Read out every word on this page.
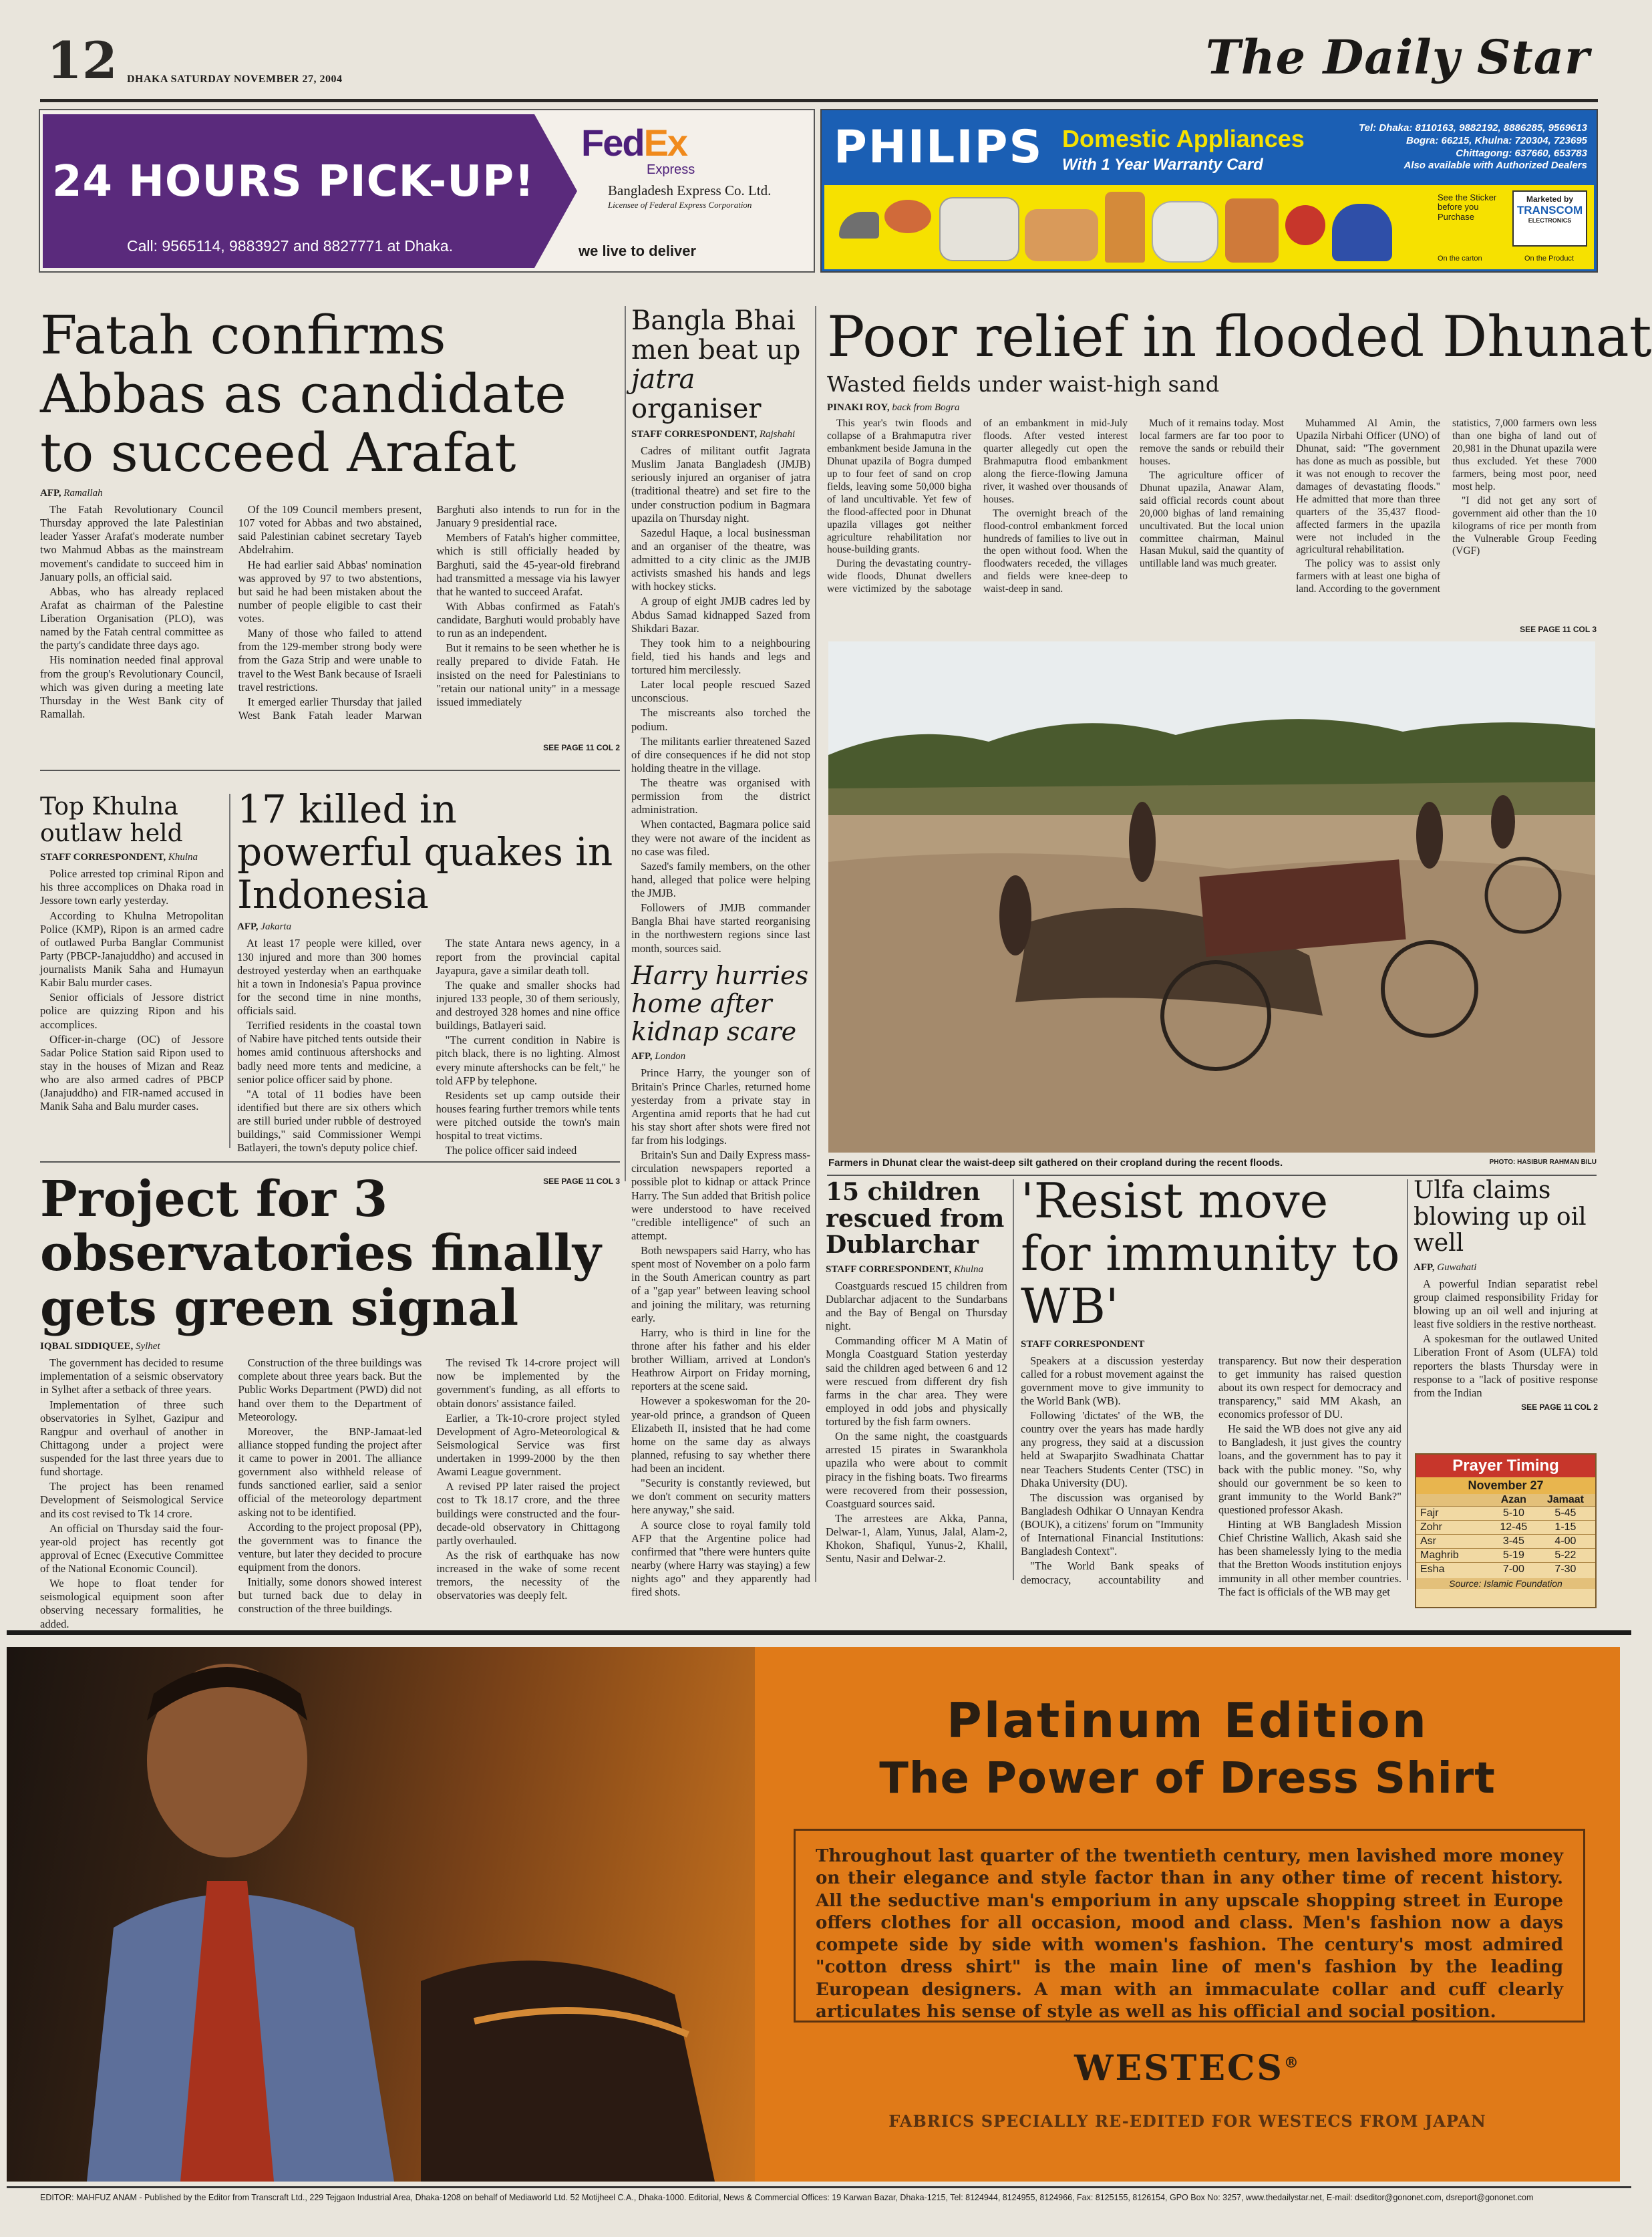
12 DHAKA SATURDAY NOVEMBER 27, 2004	The Daily Star
24 HOURS PICK-UP!
Call: 9565114, 9883927 and 8827771 at Dhaka.
FedEx
Express
Bangladesh Express Co. Ltd.
Licensee of Federal Express Corporation
we live to deliver
PHILIPS Domestic Appliances
With 1 Year Warranty Card
Tel: Dhaka: 8110163, 9882192, 8886285, 9569613
Bogra: 66215, Khulna: 720304, 723695
Chittagong: 637660, 653783
Also available with Authorized Dealers
See the Sticker before you Purchase
Marketed by
TRANSCOM
ELECTRONICS
On the carton	On the Product
Fatah confirms Abbas as candidate to succeed Arafat
AFP, Ramallah

The Fatah Revolutionary Council Thursday approved the late Palestinian leader Yasser Arafat's moderate number two Mahmud Abbas as the mainstream movement's candidate to succeed him in January polls, an official said.

Abbas, who has already replaced Arafat as chairman of the Palestine Liberation Organisation (PLO), was named by the Fatah central committee as the party's candidate three days ago.

His nomination needed final approval from the group's Revolutionary Council, which was given during a meeting late Thursday in the West Bank city of Ramallah.

Of the 109 Council members present, 107 voted for Abbas and two abstained, said Palestinian cabinet secretary Tayeb Abdelrahim.

He had earlier said Abbas' nomination was approved by 97 to two abstentions, but said he had been mistaken about the number of people eligible to cast their votes.

Many of those who failed to attend from the 129-member strong body were from the Gaza Strip and were unable to travel to the West Bank because of Israeli travel restrictions.

It emerged earlier Thursday that jailed West Bank Fatah leader Marwan Barghuti also intends to run for in the January 9 presidential race.

Members of Fatah's higher committee, which is still officially headed by Barghuti, said the 45-year-old firebrand had transmitted a message via his lawyer that he wanted to succeed Arafat.

With Abbas confirmed as Fatah's candidate, Barghuti would probably have to run as an independent.

But it remains to be seen whether he is really prepared to divide Fatah. He insisted on the need for Palestinians to "retain our national unity" in a message issued immediately

SEE PAGE 11 COL 2
Bangla Bhai men beat up jatra organiser
STAFF CORRESPONDENT, Rajshahi

Cadres of militant outfit Jagrata Muslim Janata Bangladesh (JMJB) seriously injured an organiser of jatra (traditional theatre) and set fire to the under construction podium in Bagmara upazila on Thursday night.

Sazedul Haque, a local businessman and an organiser of the theatre, was admitted to a city clinic as the JMJB activists smashed his hands and legs with hockey sticks.

A group of eight JMJB cadres led by Abdus Samad kidnapped Sazed from Shikdari Bazar.

They took him to a neighbouring field, tied his hands and legs and tortured him mercilessly.

Later local people rescued Sazed unconscious.

The miscreants also torched the podium.

The militants earlier threatened Sazed of dire consequences if he did not stop holding theatre in the village.

The theatre was organised with permission from the district administration.

When contacted, Bagmara police said they were not aware of the incident as no case was filed.

Sazed's family members, on the other hand, alleged that police were helping the JMJB.

Followers of JMJB commander Bangla Bhai have started reorganising in the northwestern regions since last month, sources said.

Harry hurries home after kidnap scare
AFP, London

Prince Harry, the younger son of Britain's Prince Charles, returned home yesterday from a private stay in Argentina amid reports that he had cut his stay short after shots were fired not far from his lodgings.

Britain's Sun and Daily Express mass-circulation newspapers reported a possible plot to kidnap or attack Prince Harry. The Sun added that British police were understood to have received "credible intelligence" of such an attempt.

Both newspapers said Harry, who has spent most of November on a polo farm in the South American country as part of a "gap year" between leaving school and joining the military, was returning early.

Harry, who is third in line for the throne after his father and his elder brother William, arrived at London's Heathrow Airport on Friday morning, reporters at the scene said.

However a spokeswoman for the 20-year-old prince, a grandson of Queen Elizabeth II, insisted that he had come home on the same day as always planned, refusing to say whether there had been an incident.

"Security is constantly reviewed, but we don't comment on security matters here anyway," she said.

A source close to royal family told AFP that the Argentine police had confirmed that "there were hunters quite nearby (where Harry was staying) a few nights ago" and they apparently had fired shots.

Poor relief in flooded Dhunat
Wasted fields under waist-high sand
PINAKI ROY, back from Bogra

This year's twin floods and collapse of a Brahmaputra river embankment beside Jamuna in the Dhunat upazila of Bogra dumped up to four feet of sand on crop fields, leaving some 50,000 bigha of land uncultivable. Yet few of the flood-affected poor in Dhunat upazila villages got neither agriculture rehabilitation nor house-building grants.

During the devastating country-wide floods, Dhunat dwellers were victimized by the sabotage of an embankment in mid-July floods. After vested interest quarter allegedly cut open the Brahmaputra flood embankment along the fierce-flowing Jamuna river, it washed over thousands of houses.

The overnight breach of the flood-control embankment forced hundreds of families to live out in the open without food. When the floodwaters receded, the villages and fields were knee-deep to waist-deep in sand.

Much of it remains today. Most local farmers are far too poor to remove the sands or rebuild their houses.

The agriculture officer of Dhunat upazila, Anawar Alam, said official records count about 20,000 bighas of land remaining uncultivated. But the local union committee chairman, Mainul Hasan Mukul, said the quantity of untillable land was much greater.

Muhammed Al Amin, the Upazila Nirbahi Officer (UNO) of Dhunat, said: "The government has done as much as possible, but it was not enough to recover the damages of devastating floods." He admitted that more than three quarters of the 35,437 flood-affected farmers in the upazila were not included in the agricultural rehabilitation.

The policy was to assist only farmers with at least one bigha of land. According to the government statistics, 7,000 farmers own less than one bigha of land out of 20,981 in the Dhunat upazila were thus excluded. Yet these 7000 farmers, being most poor, need most help.

"I did not get any sort of government aid other than the 10 kilograms of rice per month from the Vulnerable Group Feeding (VGF)

SEE PAGE 11 COL 3
Farmers in Dhunat clear the waist-deep silt gathered on their cropland during the recent floods.	PHOTO: HASIBUR RAHMAN BILU
Top Khulna outlaw held
STAFF CORRESPONDENT, Khulna

Police arrested top criminal Ripon and his three accomplices on Dhaka road in Jessore town early yesterday.

According to Khulna Metropolitan Police (KMP), Ripon is an armed cadre of outlawed Purba Banglar Communist Party (PBCP-Janajuddho) and accused in journalists Manik Saha and Humayun Kabir Balu murder cases.

Senior officials of Jessore district police are quizzing Ripon and his accomplices.

Officer-in-charge (OC) of Jessore Sadar Police Station said Ripon used to stay in the houses of Mizan and Reaz who are also armed cadres of PBCP (Janajuddho) and FIR-named accused in Manik Saha and Balu murder cases.

17 killed in powerful quakes in Indonesia
AFP, Jakarta

At least 17 people were killed, over 130 injured and more than 300 homes destroyed yesterday when an earthquake hit a town in Indonesia's Papua province for the second time in nine months, officials said.

Terrified residents in the coastal town of Nabire have pitched tents outside their homes amid continuous aftershocks and badly need more tents and medicine, a senior police officer said by phone.

"A total of 11 bodies have been identified but there are six others which are still buried under rubble of destroyed buildings," said Commissioner Wempi Batlayeri, the town's deputy police chief.

The state Antara news agency, in a report from the provincial capital Jayapura, gave a similar death toll.

The quake and smaller shocks had injured 133 people, 30 of them seriously, and destroyed 328 homes and nine office buildings, Batlayeri said.

"The current condition in Nabire is pitch black, there is no lighting. Almost every minute aftershocks can be felt," he told AFP by telephone.

Residents set up camp outside their houses fearing further tremors while tents were pitched outside the town's main hospital to treat victims.

The police officer said indeed

SEE PAGE 11 COL 3
Project for 3 observatories finally gets green signal
IQBAL SIDDIQUEE, Sylhet

The government has decided to resume implementation of a seismic observatory in Sylhet after a setback of three years.

Implementation of three such observatories in Sylhet, Gazipur and Rangpur and overhaul of another in Chittagong under a project were suspended for the last three years due to fund shortage.

The project has been renamed Development of Seismological Service and its cost revised to Tk 14 crore.

An official on Thursday said the four-year-old project has recently got approval of Ecnec (Executive Committee of the National Economic Council).

We hope to float tender for seismological equipment soon after observing necessary formalities, he added.

Construction of the three buildings was complete about three years back. But the Public Works Department (PWD) did not hand over them to the Department of Meteorology.

Moreover, the BNP-Jamaat-led alliance stopped funding the project after it came to power in 2001. The alliance government also withheld release of funds sanctioned earlier, said a senior official of the meteorology department asking not to be identified.

According to the project proposal (PP), the government was to finance the venture, but later they decided to procure equipment from the donors.

Initially, some donors showed interest but turned back due to delay in construction of the three buildings.

The revised Tk 14-crore project will now be implemented by the government's funding, as all efforts to obtain donors' assistance failed.

Earlier, a Tk-10-crore project styled Development of Agro-Meteorological & Seismological Service was first undertaken in 1999-2000 by the then Awami League government.

A revised PP later raised the project cost to Tk 18.17 crore, and the three buildings were constructed and the four-decade-old observatory in Chittagong partly overhauled.

As the risk of earthquake has now increased in the wake of some recent tremors, the necessity of the observatories was deeply felt.

15 children rescued from Dublarchar
STAFF CORRESPONDENT, Khulna

Coastguards rescued 15 children from Dublarchar adjacent to the Sundarbans and the Bay of Bengal on Thursday night.

Commanding officer M A Matin of Mongla Coastguard Station yesterday said the children aged between 6 and 12 were rescued from different dry fish farms in the char area. They were employed in odd jobs and physically tortured by the fish farm owners.

On the same night, the coastguards arrested 15 pirates in Swarankhola upazila who were about to commit piracy in the fishing boats. Two firearms were recovered from their possession, Coastguard sources said.

The arrestees are Akka, Panna, Delwar-1, Alam, Yunus, Jalal, Alam-2, Khokon, Shafiqul, Yunus-2, Khalil, Sentu, Nasir and Delwar-2.

'Resist move for immunity to WB'
STAFF CORRESPONDENT

Speakers at a discussion yesterday called for a robust movement against the government move to give immunity to the World Bank (WB).

Following 'dictates' of the WB, the country over the years has made hardly any progress, they said at a discussion held at Swaparjito Swadhinata Chattar near Teachers Students Center (TSC) in Dhaka University (DU).

The discussion was organised by Bangladesh Odhikar O Unnayan Kendra (BOUK), a citizens' forum on "Immunity of International Financial Institutions: Bangladesh Context".

"The World Bank speaks of democracy, accountability and transparency. But now their desperation to get immunity has raised question about its own respect for democracy and transparency," said MM Akash, an economics professor of DU.

He said the WB does not give any aid to Bangladesh, it just gives the country loans, and the government has to pay it back with the public money. "So, why should our government be so keen to grant immunity to the World Bank?" questioned professor Akash.

Hinting at WB Bangladesh Mission Chief Christine Wallich, Akash said she has been shamelessly lying to the media that the Bretton Woods institution enjoys immunity in all other member countries. The fact is officials of the WB may get

Ulfa claims blowing up oil well
AFP, Guwahati

A powerful Indian separatist rebel group claimed responsibility Friday for blowing up an oil well and injuring at least five soldiers in the restive northeast.

A spokesman for the outlawed United Liberation Front of Asom (ULFA) told reporters the blasts Thursday were in response to a "lack of positive response from the Indian

SEE PAGE 11 COL 2
Prayer Timing
November 27
	Azan	Jamaat
Fajr	5-10	5-45
Zohr	12-45	1-15
Asr	3-45	4-00
Maghrib	5-19	5-22
Esha	7-00	7-30
Source: Islamic Foundation
Platinum Edition
The Power of Dress Shirt
Throughout last quarter of the twentieth century, men lavished more money on their elegance and style factor than in any other time of recent history. All the seductive man's emporium in any upscale shopping street in Europe offers clothes for all occasion, mood and class. Men's fashion now a days compete side by side with women's fashion. The century's most admired "cotton dress shirt" is the main line of men's fashion by the leading European designers. A man with an immaculate collar and cuff clearly articulates his sense of style as well as his official and social position.
WESTECS®
FABRICS SPECIALLY RE-EDITED FOR WESTECS FROM JAPAN
EDITOR: MAHFUZ ANAM - Published by the Editor from Transcraft Ltd., 229 Tejgaon Industrial Area, Dhaka-1208 on behalf of Mediaworld Ltd. 52 Motijheel C.A., Dhaka-1000. Editorial, News & Commercial Offices: 19 Karwan Bazar, Dhaka-1215, Tel: 8124944, 8124955, 8124966, Fax: 8125155, 8126154, GPO Box No: 3257, www.thedailystar.net, E-mail: dseditor@gononet.com, dsreport@gononet.com
